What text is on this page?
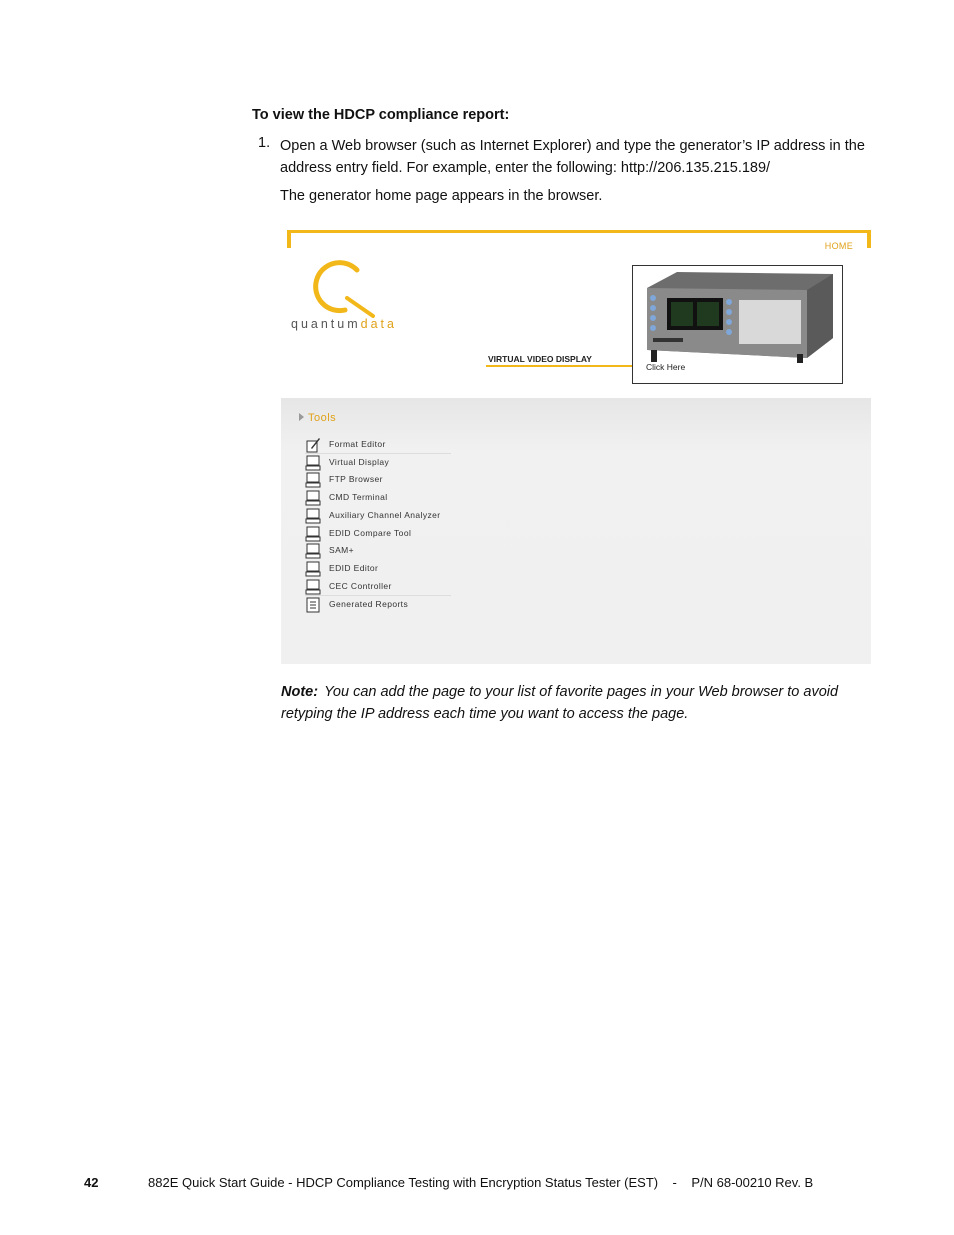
To view the HDCP compliance report:
1. Open a Web browser (such as Internet Explorer) and type the generator’s IP address in the address entry field. For example, enter the following: http://206.135.215.189/
The generator home page appears in the browser.
HOME
quantumdata
VIRTUAL VIDEO DISPLAY
Click Here
Tools
Format Editor
Virtual Display
FTP Browser
CMD Terminal
Auxiliary Channel Analyzer
EDID Compare Tool
SAM+
EDID Editor
CEC Controller
Generated Reports
Note: You can add the page to your list of favorite pages in your Web browser to avoid retyping the IP address each time you want to access the page.
42	882E Quick Start Guide - HDCP Compliance Testing with Encryption Status Tester (EST)    -    P/N 68-00210 Rev. B
